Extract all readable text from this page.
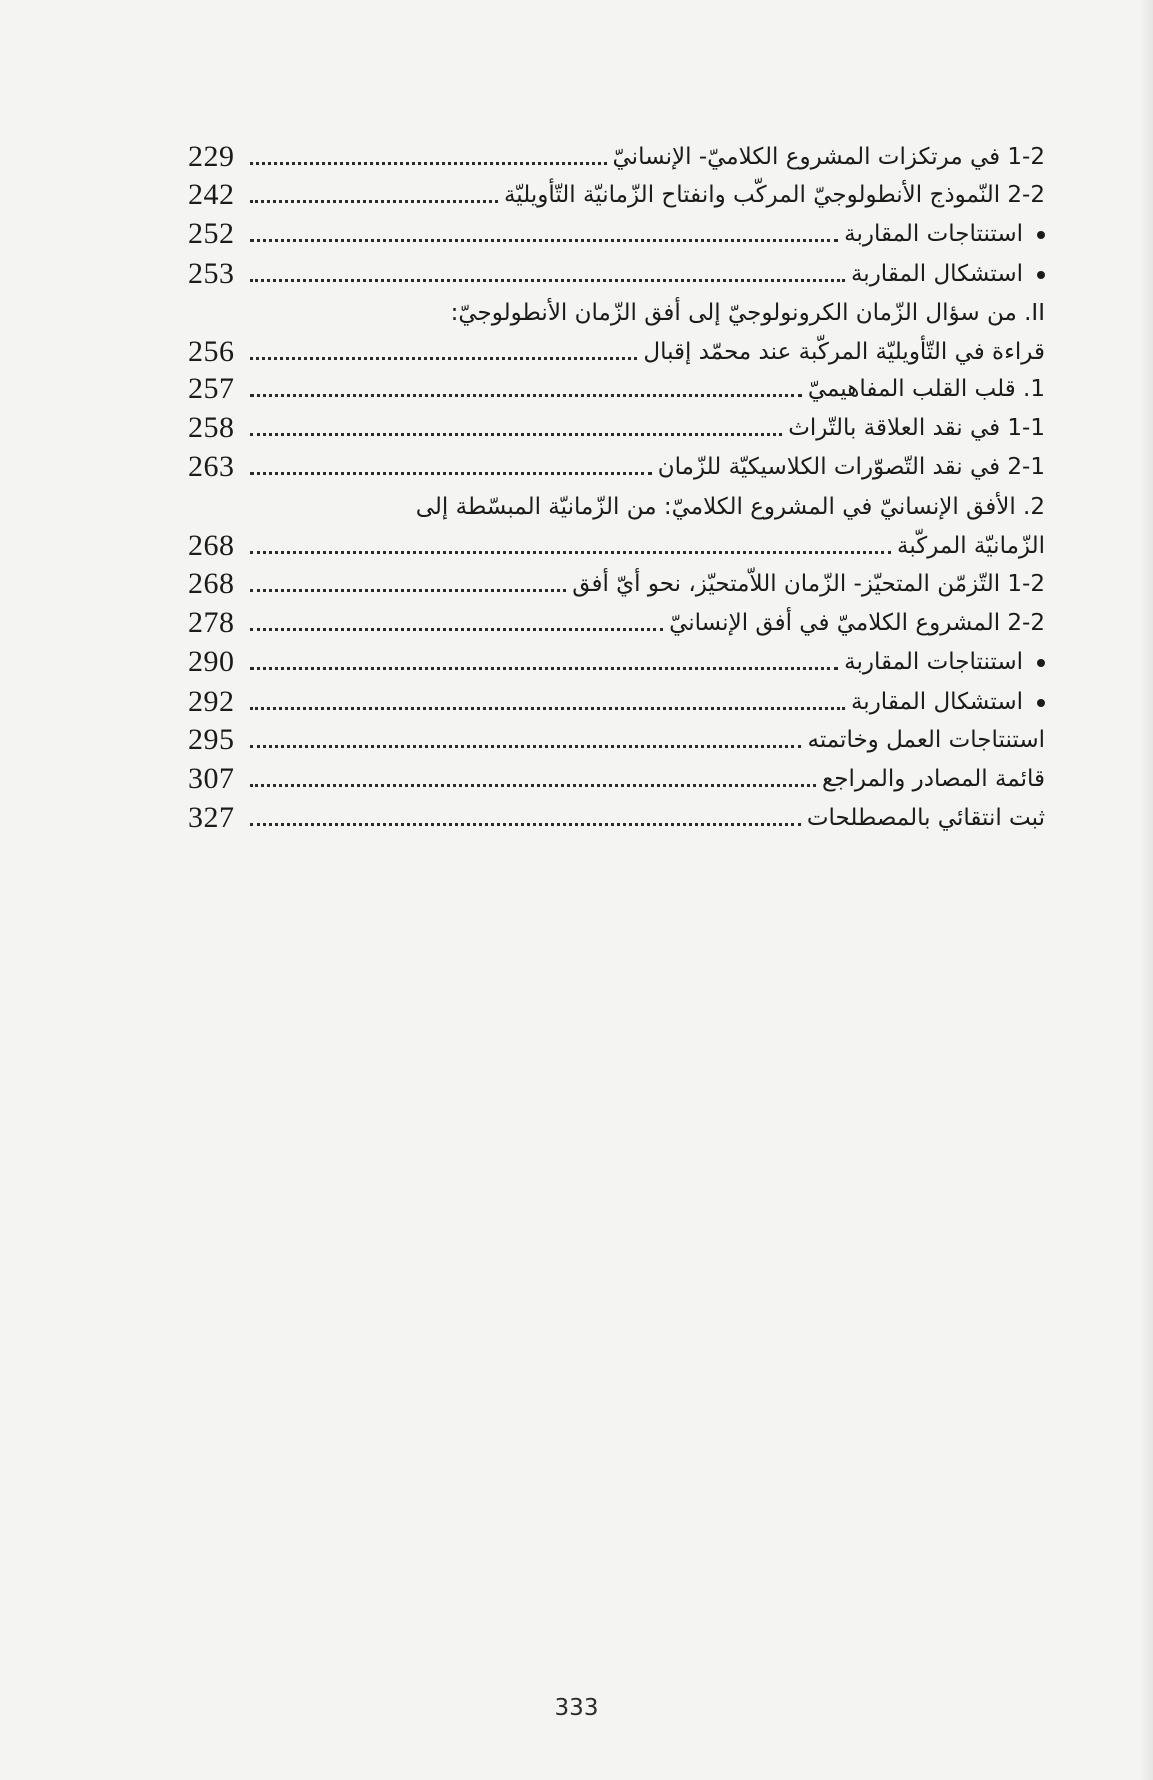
229	1-2 في مرتكزات المشروع الكلاميّ- الإنسانيّ
242	2-2 النّموذج الأنطولوجيّ المركّب وانفتاح الزّمانيّة التّأويليّة
252	استنتاجات المقاربة
253	استشكال المقاربة
II. من سؤال الزّمان الكرونولوجيّ إلى أفق الزّمان الأنطولوجيّ:
256	قراءة في التّأويليّة المركّبة عند محمّد إقبال
257	1. قلب القلب المفاهيميّ
258	1-1 في نقد العلاقة بالتّراث
263	2-1 في نقد التّصوّرات الكلاسيكيّة للزّمان
2. الأفق الإنسانيّ في المشروع الكلاميّ: من الزّمانيّة المبسّطة إلى
268	الزّمانيّة المركّبة
268	1-2 التّزمّن المتحيّز- الزّمان اللاّمتحيّز، نحو أيّ أفق
278	2-2 المشروع الكلاميّ في أفق الإنسانيّ
290	استنتاجات المقاربة
292	استشكال المقاربة
295	استنتاجات العمل وخاتمته
307	قائمة المصادر والمراجع
327	ثبت انتقائي بالمصطلحات
333
